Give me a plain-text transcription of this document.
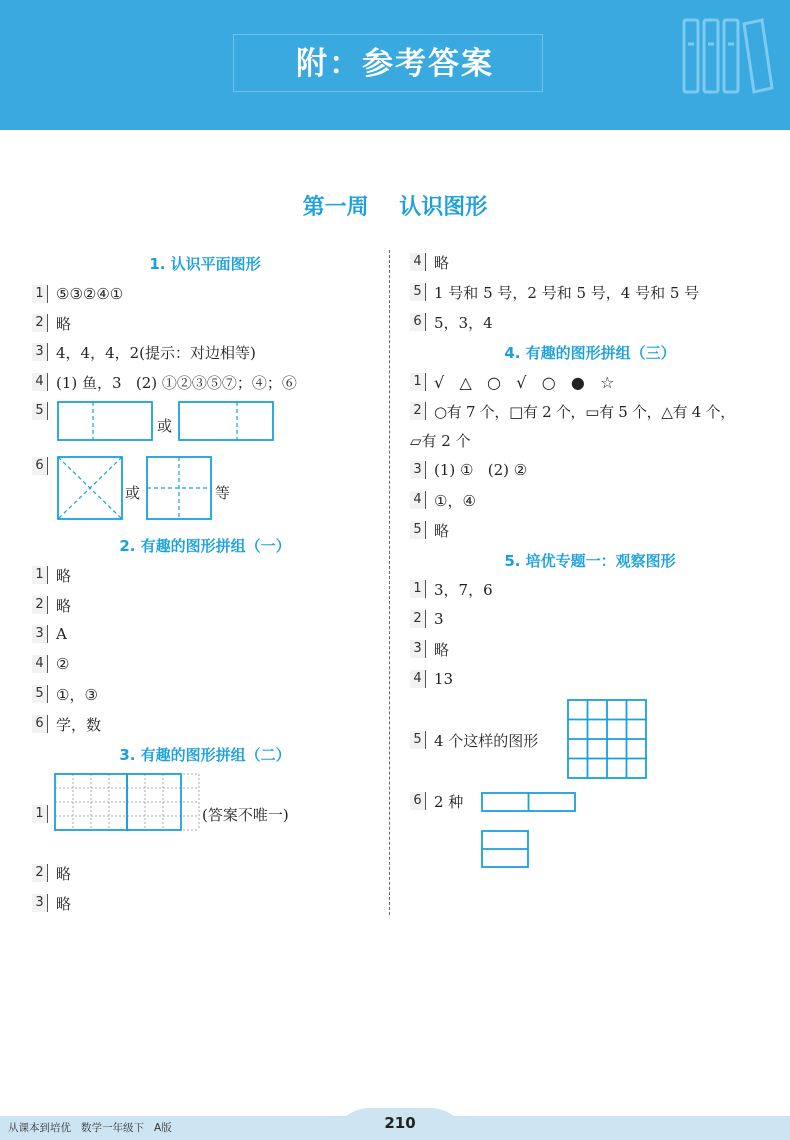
附：参考答案
第一周    认识图形
1. 认识平面图形
1 ⑤③②④①
2 略
3 4，4，4，2(提示：对边相等)
4 (1) 鱼，3   (2) ①②③⑤⑦；④；⑥
5
或
6
或	等
2. 有趣的图形拼组（一）
1 略
2 略
3 A
4 ②
5 ①，③
6 学，数
3. 有趣的图形拼组（二）
1	(答案不唯一)
2 略
3 略
4 略
5 1 号和 5 号，2 号和 5 号，4 号和 5 号
6 5，3，4
4. 有趣的图形拼组（三）
1 √   △   ○   √   ○   ●   ☆
2 ○有 7 个，□有 2 个，▭有 5 个，△有 4 个，
▱有 2 个
3 (1) ①   (2) ②
4 ①，④
5 略
5. 培优专题一：观察图形
1 3，7，6
2 3
3 略
4 13
5 4 个这样的图形
6 2 种
从课本到培优   数学一年级下   A版	210
